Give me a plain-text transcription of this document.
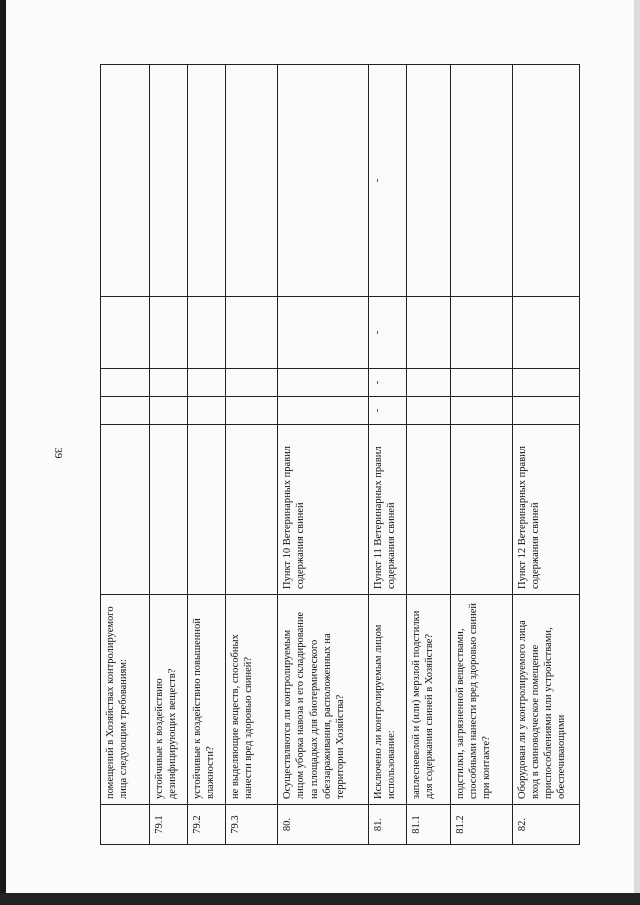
39
	помещений в Хозяйствах контролируемого лица следующим требованиям:					
79.1	устойчивые к воздействию дезинфицирующих веществ?					
79.2	устойчивые к воздействию повышенной влажности?					
79.3	не выделяющие веществ, способных нанести вред здоровью свиней?					
80.	Осуществляются ли контролируемым лицом уборка навоза и его складирование на площадках для биотермического обеззараживания, расположенных на территории Хозяйства?	Пункт 10 Ветеринарных правил содержания свиней				
81.	Исключено ли контролируемым лицом использование:	Пункт 11 Ветеринарных правил содержания свиней	-	-	-	-
81.1	заплесневелой и (или) мерзлой подстилки для содержания свиней в Хозяйстве?					
81.2	подстилки, загрязненной веществами, способными нанести вред здоровью свиней при контакте?					
82.	Оборудован ли у контролируемого лица вход в свиноводческое помещение приспособлениями или устройствами, обеспечивающими	Пункт 12 Ветеринарных правил содержания свиней				
